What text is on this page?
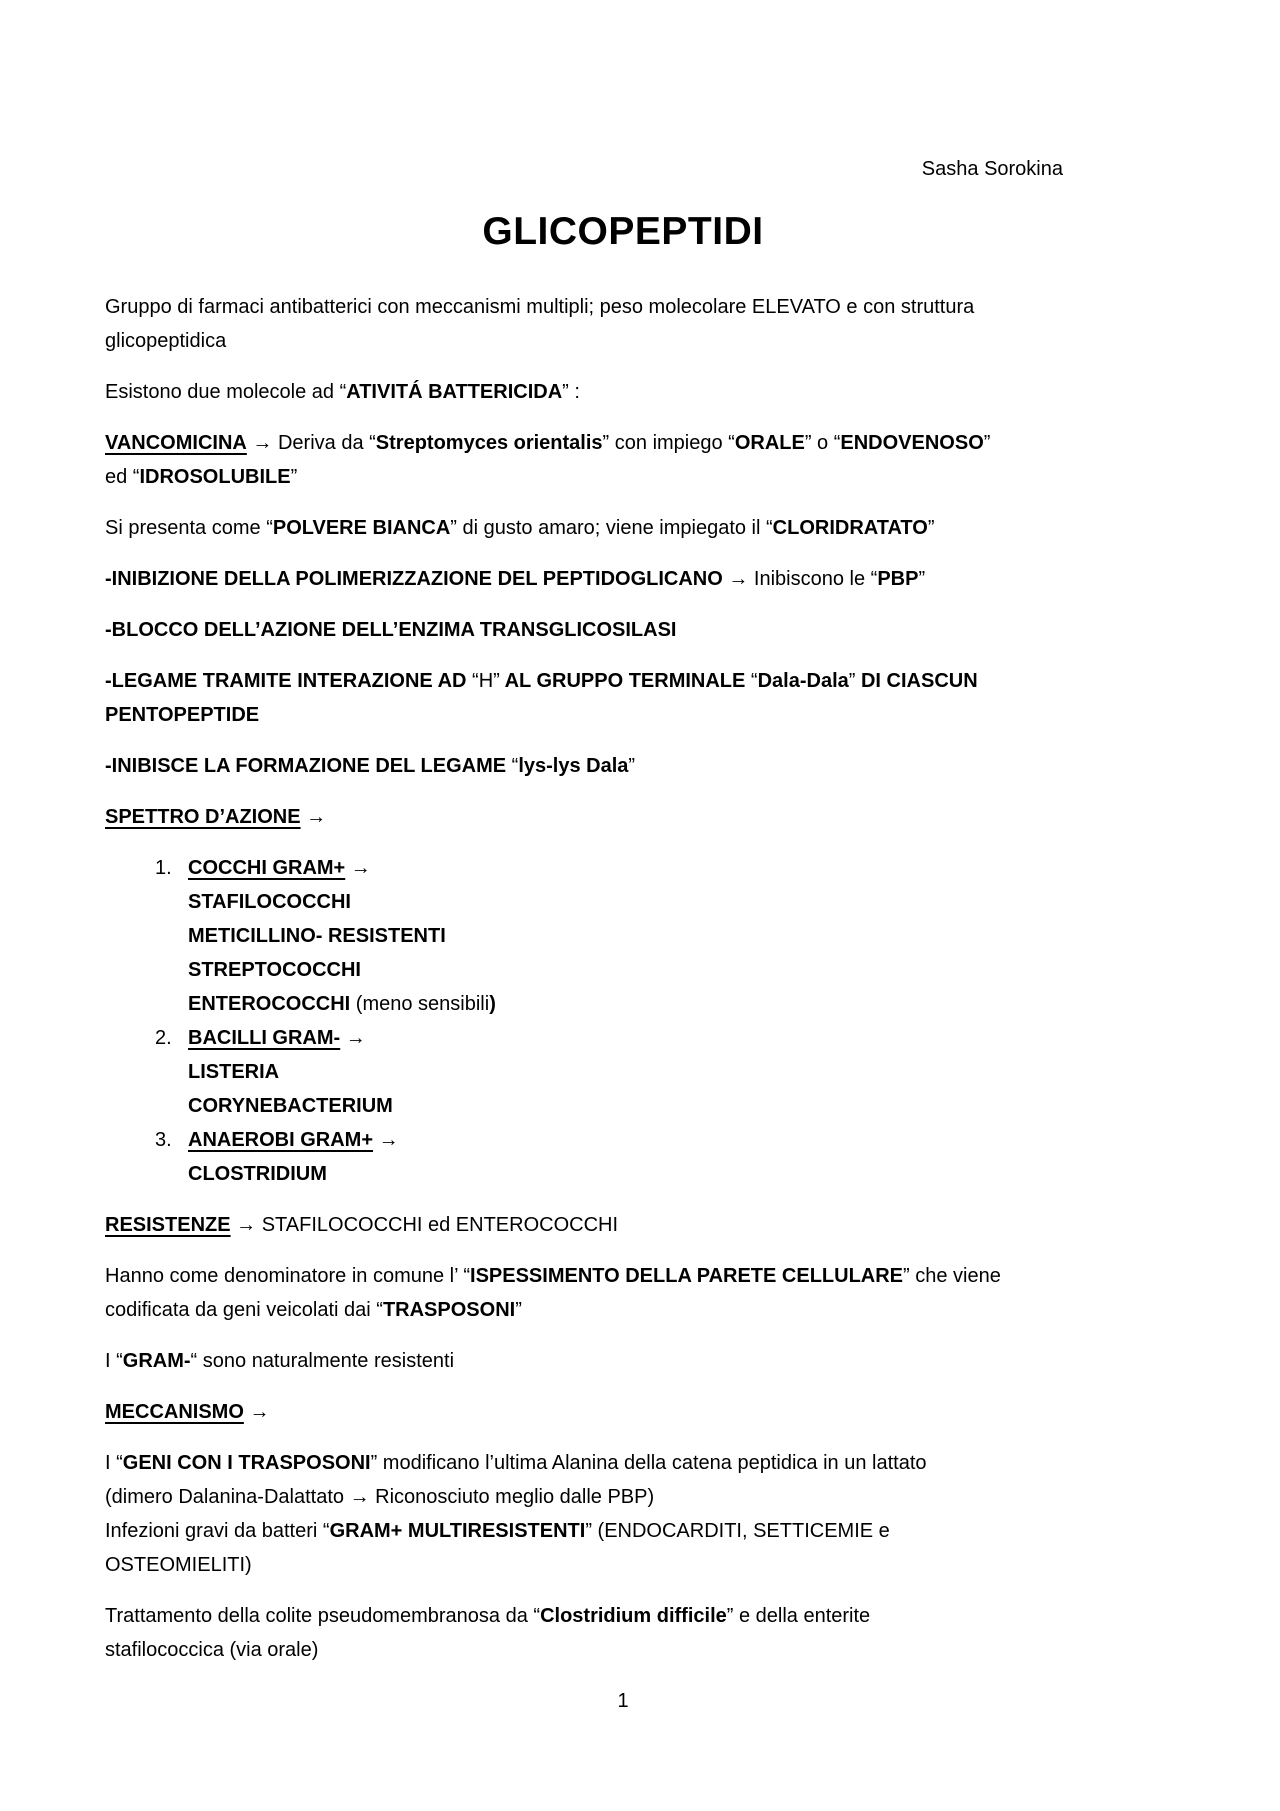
Sasha Sorokina
GLICOPEPTIDI

Gruppo di farmaci antibatterici con meccanismi multipli; peso molecolare ELEVATO e con struttura
glicopeptidica

Esistono due molecole ad “ATIVITÁ BATTERICIDA” :

VANCOMICINA → Deriva da “Streptomyces orientalis” con impiego “ORALE” o “ENDOVENOSO”
ed “IDROSOLUBILE”

Si presenta come “POLVERE BIANCA” di gusto amaro; viene impiegato il “CLORIDRATATO”

-INIBIZIONE DELLA POLIMERIZZAZIONE DEL PEPTIDOGLICANO → Inibiscono le “PBP”

-BLOCCO DELL’AZIONE DELL’ENZIMA TRANSGLICOSILASI

-LEGAME TRAMITE INTERAZIONE AD “H” AL GRUPPO TERMINALE “Dala-Dala” DI CIASCUN
PENTOPEPTIDE

-INIBISCE LA FORMAZIONE DEL LEGAME “lys-lys Dala”

SPETTRO D’AZIONE →

1. COCCHI GRAM+ →
STAFILOCOCCHI
METICILLINO- RESISTENTI
STREPTOCOCCHI
ENTEROCOCCHI (meno sensibili)
2. BACILLI GRAM- →
LISTERIA
CORYNEBACTERIUM
3. ANAEROBI GRAM+ →
CLOSTRIDIUM

RESISTENZE → STAFILOCOCCHI ed ENTEROCOCCHI

Hanno come denominatore in comune l’ “ISPESSIMENTO DELLA PARETE CELLULARE” che viene
codificata da geni veicolati dai “TRASPOSONI”

I “GRAM-“ sono naturalmente resistenti

MECCANISMO →

I “GENI CON I TRASPOSONI” modificano l’ultima Alanina della catena peptidica in un lattato
(dimero Dalanina-Dalattato → Riconosciuto meglio dalle PBP)
Infezioni gravi da batteri “GRAM+ MULTIRESISTENTI” (ENDOCARDITI, SETTICEMIE e
OSTEOMIELITI)

Trattamento della colite pseudomembranosa da “Clostridium difficile” e della enterite
stafilococcica (via orale)

1
